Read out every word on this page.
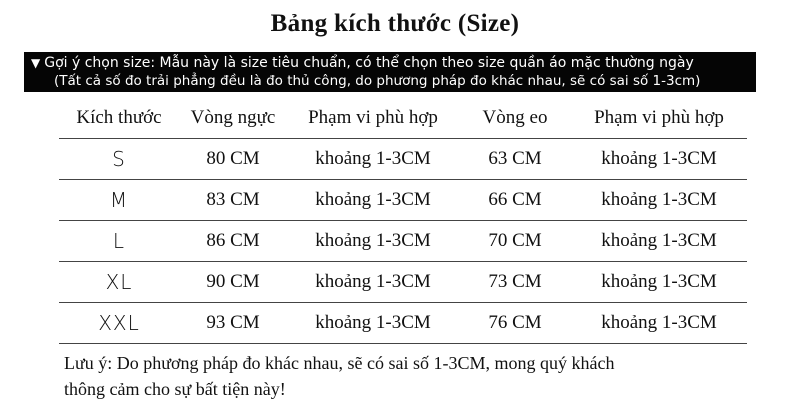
Bảng kích thước (Size)
▼ Gợi ý chọn size: Mẫu này là size tiêu chuẩn, có thể chọn theo size quần áo mặc thường ngày
(Tất cả số đo trải phẳng đều là đo thủ công, do phương pháp đo khác nhau, sẽ có sai số 1-3cm)
Kích thước	Vòng ngực	Phạm vi phù hợp	Vòng eo	Phạm vi phù hợp
S	80 CM	khoảng 1-3CM	63 CM	khoảng 1-3CM
M	83 CM	khoảng 1-3CM	66 CM	khoảng 1-3CM
L	86 CM	khoảng 1-3CM	70 CM	khoảng 1-3CM
XL	90 CM	khoảng 1-3CM	73 CM	khoảng 1-3CM
XXL	93 CM	khoảng 1-3CM	76 CM	khoảng 1-3CM
Lưu ý: Do phương pháp đo khác nhau, sẽ có sai số 1-3CM, mong quý khách
thông cảm cho sự bất tiện này!
